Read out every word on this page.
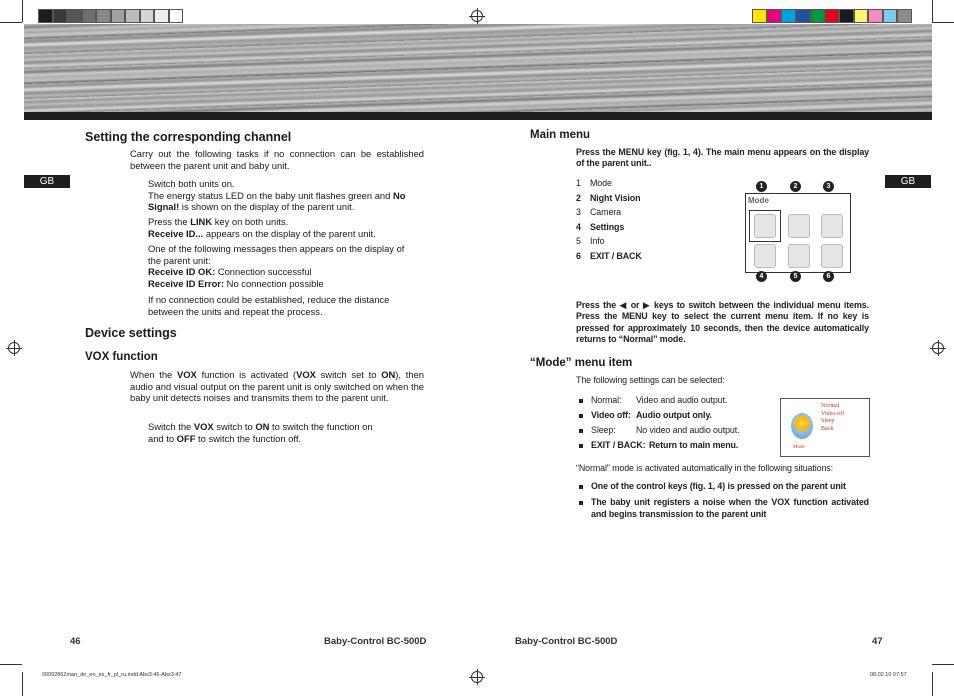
GB	GB
Setting the corresponding channel

Carry out the following tasks if no connection can be established between the parent unit and baby unit.

Switch both units on.
The energy status LED on the baby unit flashes green and No Signal! is shown on the display of the parent unit.

Press the LINK key on both units.
Receive ID... appears on the display of the parent unit.

One of the following messages then appears on the display of the parent unit:
Receive ID OK: Connection successful
Receive ID Error: No connection possible

If no connection could be established, reduce the distance between the units and repeat the process.

Device settings
VOX function

When the VOX function is activated (VOX switch set to ON), then audio and visual output on the parent unit is only switched on when the baby unit detects noises and transmits them to the parent unit.

Switch the VOX switch to ON to switch the function on
and to OFF to switch the function off.

46	Baby-Control BC-500D
Main menu

Press the MENU key (fig. 1, 4). The main menu appears on the display of the parent unit..

1	Mode
2	Night Vision
3	Camera
4	Settings
5	Info
6	EXIT / BACK
Mode
1	2	3
4	5	6

Press the ◀ or ▶ keys to switch between the individual menu items. Press the MENU key to select the current menu item. If no key is pressed for approximately 10 seconds, then the device automatically returns to “Normal” mode.

“Mode” menu item

The following settings can be selected:

Normal: Video and audio output.
Video off: Audio output only.
Sleep: No video and audio output.
EXIT / BACK: Return to main menu.
Normal
Video-off
Sleep
Back
Mode

“Normal” mode is activated automatically in the following situations:

One of the control keys (fig. 1, 4) is pressed on the parent unit
The baby unit registers a noise when the VOX function activated and begins transmission to the parent unit
Baby-Control BC-500D	47
00092862man_de_en_es_fr_pl_ru.indd Abs3:46-Abs3:47	08.02.10 07:57
